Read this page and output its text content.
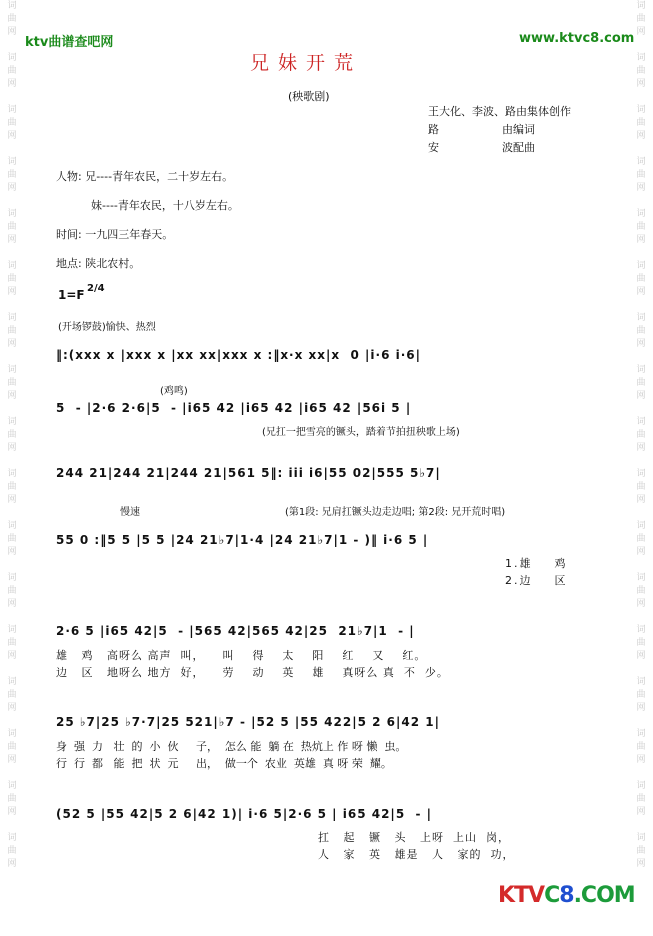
词
曲
网

词
曲
网

词
曲
网

词
曲
网

词
曲
网

词
曲
网

词
曲
网

词
曲
网

词
曲
网

词
曲
网

词
曲
网

词
曲
网

词
曲
网

词
曲
网

词
曲
网

词
曲
网

词
曲
网
词
曲
网

词
曲
网

词
曲
网

词
曲
网

词
曲
网

词
曲
网

词
曲
网

词
曲
网

词
曲
网

词
曲
网

词
曲
网

词
曲
网

词
曲
网

词
曲
网

词
曲
网

词
曲
网

词
曲
网
ktv曲谱查吧网	www.ktvc8.com
兄妹开荒
(秧歌剧)
王大化、李波、路由集体创作
路                  由编词
安                  波配曲
人物: 兄----青年农民，二十岁左右。
妹----青年农民，十八岁左右。
时间: 一九四三年春天。
地点: 陕北农村。
1=F 2/4
(开场锣鼓)愉快、热烈
‖:(xxx x |xxx x |xx xx|xxx x :‖x·x xx|x  0 |i·6 i·6|
(鸡鸣)
5  - |2·6 2·6|5  - |i65 42 |i65 42 |i65 42 |56i 5 |
(兄扛一把雪亮的镢头，踏着节拍扭秧歌上场)
244 21|244 21|244 21|561 5‖: iii i6|55 02|555 5♭7|
慢速	(第1段: 兄肩扛镢头边走边唱; 第2段: 兄开荒时唱)
55 0 :‖5 5 |5 5 |24 21♭7|1·4 |24 21♭7|1 - )‖ i·6 5 |
1.雄    鸡
2.边    区
2·6 5 |i65 42|5  - |565 42|565 42|25  21♭7|1  - |
雄   鸡   高呀么 高声  叫，    叫    得    太    阳    红    又    红。
边   区   地呀么 地方  好，    劳    动    英    雄    真呀么 真  不  少。
25 ♭7|25 ♭7·7|25 521|♭7 - |52 5 |55 422|5 2 6|42 1|
身  强  力   壮  的  小  伙     子，  怎么 能  躺 在  热炕上 作 呀 懒  虫。
行  行  都   能  把  状  元     出，  做一个  农业  英雄  真 呀 荣  耀。
(52 5 |55 42|5 2 6|42 1)| i·6 5|2·6 5 | i65 42|5  - |
扛   起   镢   头   上呀  上山  岗，
人   家   英   雄是   人   家的  功，
KTVC8.COM
